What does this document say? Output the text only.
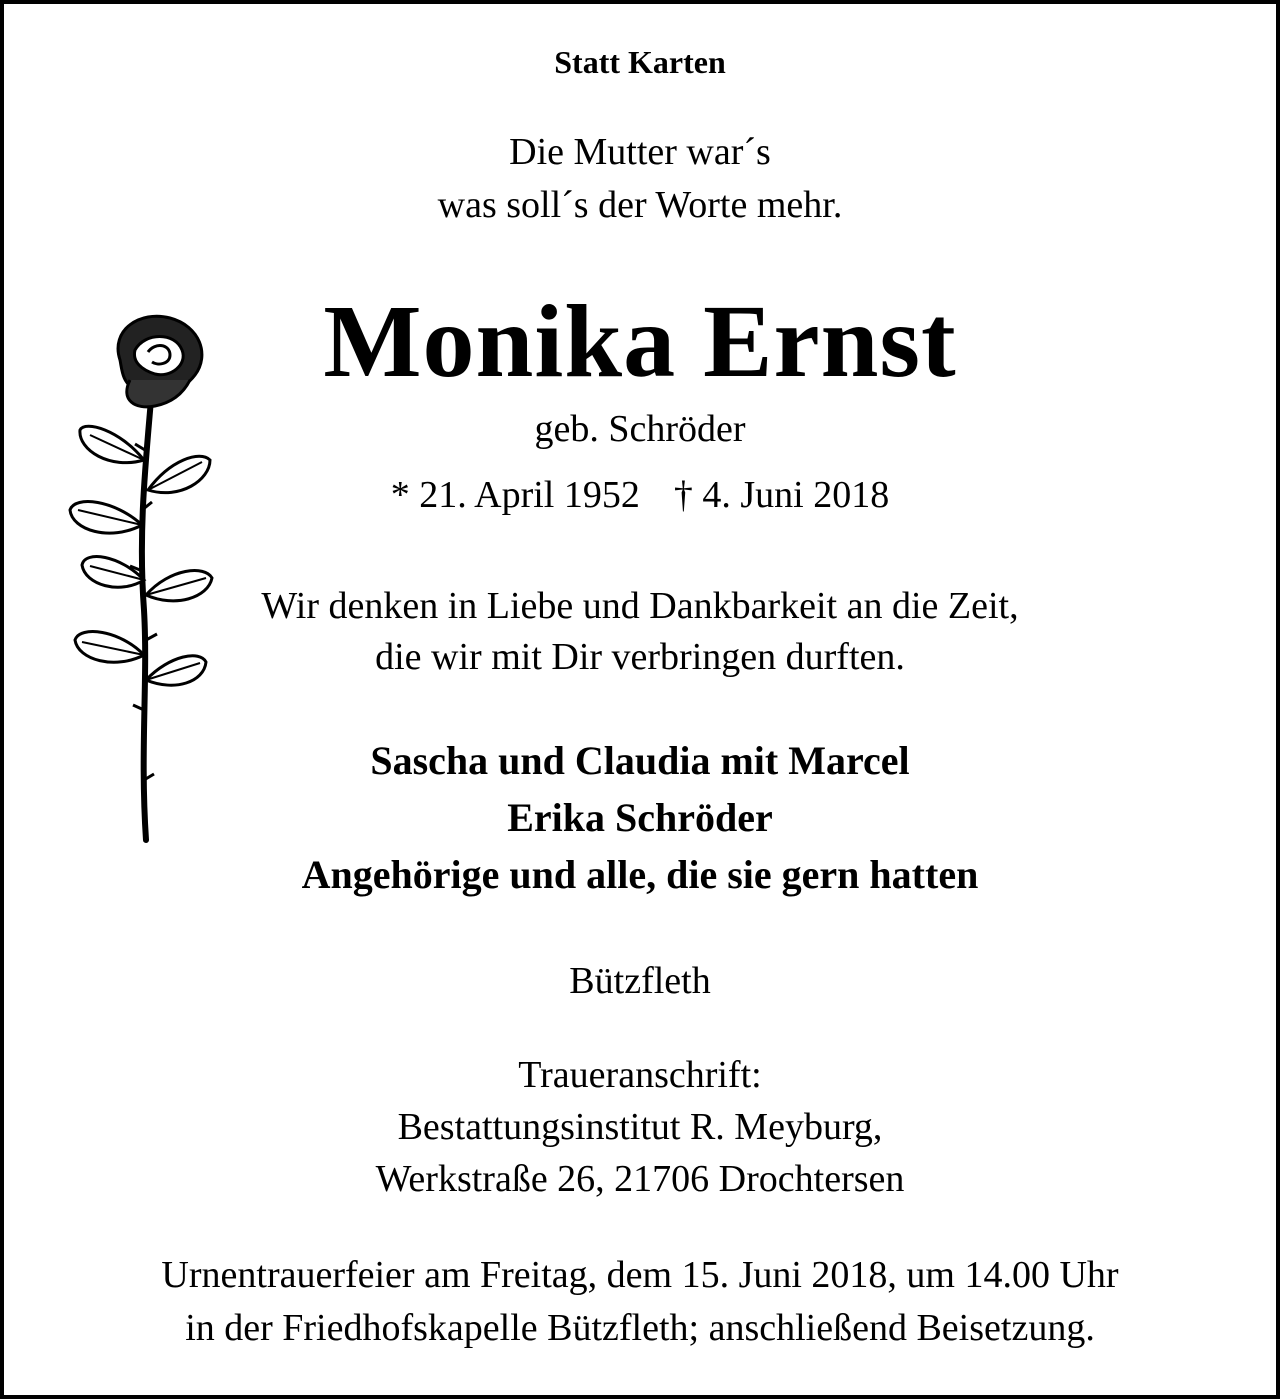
Statt Karten
Die Mutter war´s
was soll´s der Worte mehr.
Monika Ernst
geb. Schröder
* 21. April 1952 † 4. Juni 2018
Wir denken in Liebe und Dankbarkeit an die Zeit,
die wir mit Dir verbringen durften.
Sascha und Claudia mit Marcel
Erika Schröder
Angehörige und alle, die sie gern hatten
Bützfleth
Traueranschrift:
Bestattungsinstitut R. Meyburg,
Werkstraße 26, 21706 Drochtersen
Urnentrauerfeier am Freitag, dem 15. Juni 2018, um 14.00 Uhr
in der Friedhofskapelle Bützfleth; anschließend Beisetzung.
